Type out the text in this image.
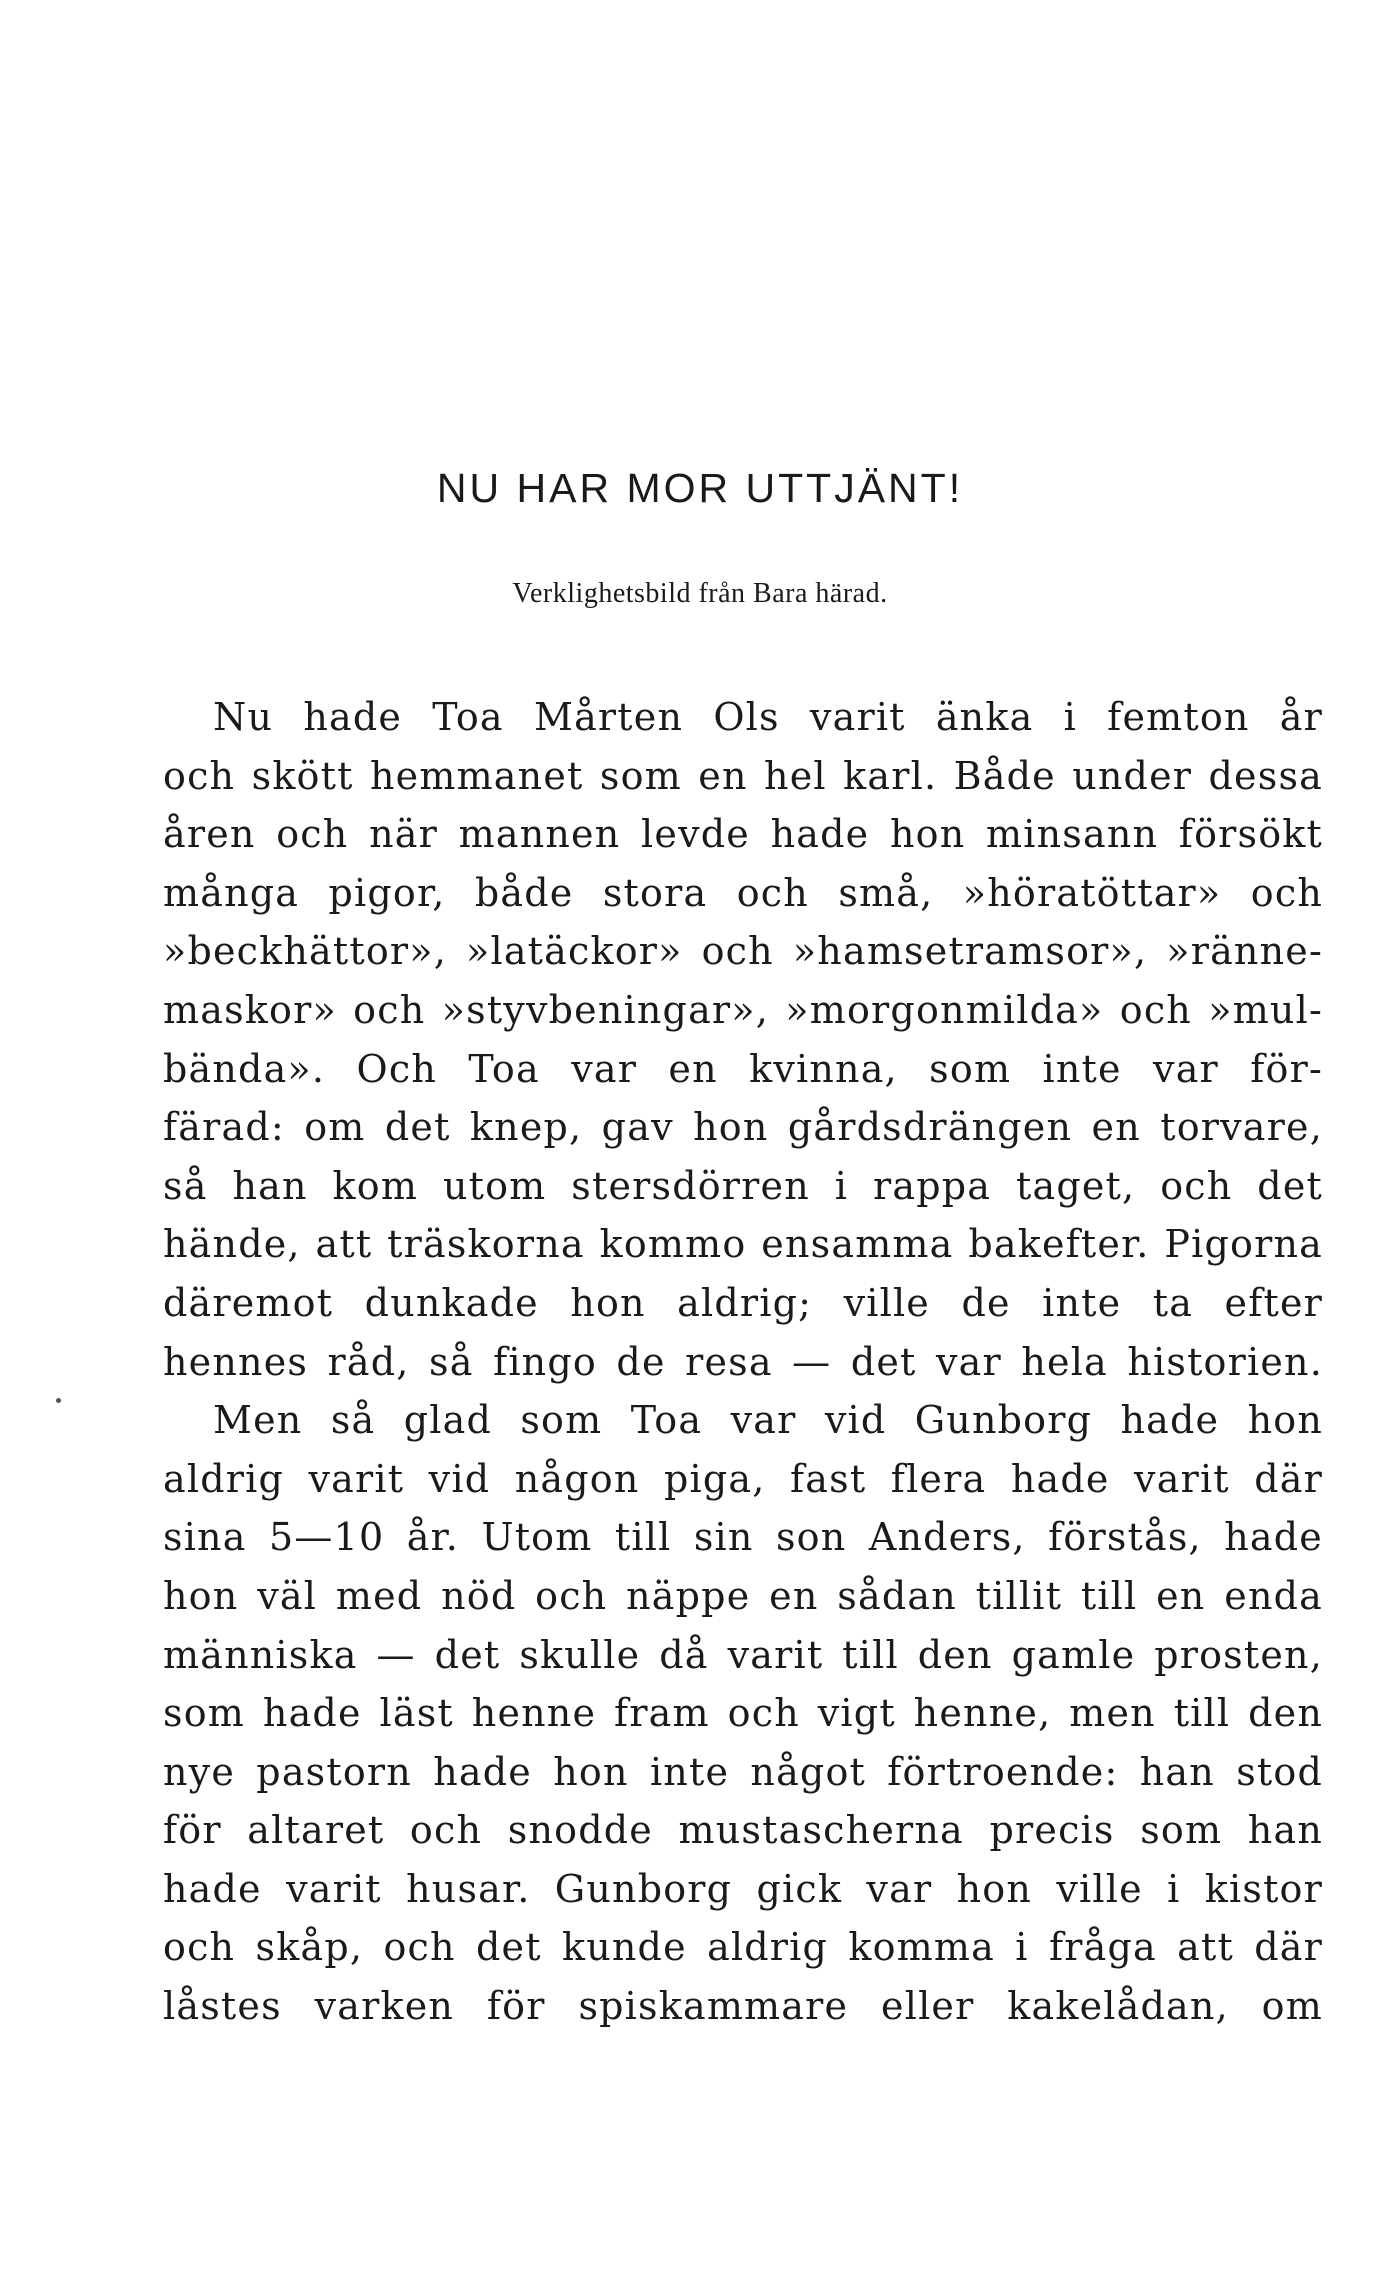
NU HAR MOR UTTJÄNT!

Verklighetsbild från Bara härad.

Nu hade Toa Mårten Ols varit änka i femton år
och skött hemmanet som en hel karl. Både under dessa
åren och när mannen levde hade hon minsann försökt
många pigor, både stora och små, »höratöttar» och
»beckhättor», »latäckor» och »hamsetramsor», »ränne-
maskor» och »styvbeningar», »morgonmilda» och »mul-
bända». Och Toa var en kvinna, som inte var för-
färad: om det knep, gav hon gårdsdrängen en torvare,
så han kom utom stersdörren i rappa taget, och det
hände, att träskorna kommo ensamma bakefter. Pigorna
däremot dunkade hon aldrig; ville de inte ta efter
hennes råd, så fingo de resa — det var hela historien.
Men så glad som Toa var vid Gunborg hade hon
aldrig varit vid någon piga, fast flera hade varit där
sina 5—10 år. Utom till sin son Anders, förstås, hade
hon väl med nöd och näppe en sådan tillit till en enda
människa — det skulle då varit till den gamle prosten,
som hade läst henne fram och vigt henne, men till den
nye pastorn hade hon inte något förtroende: han stod
för altaret och snodde mustascherna precis som han
hade varit husar. Gunborg gick var hon ville i kistor
och skåp, och det kunde aldrig komma i fråga att där
låstes varken för spiskammare eller kakelådan, om
